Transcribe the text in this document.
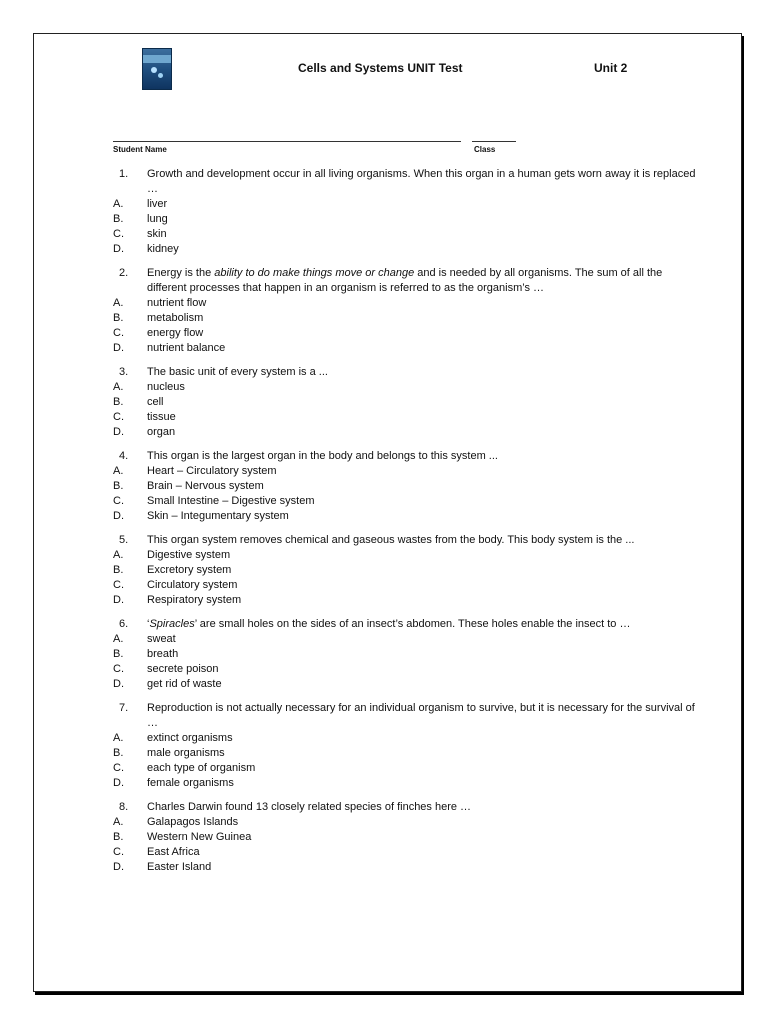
Cells and Systems UNIT Test	Unit 2
Student Name	Class
1.	Growth and development occur in all living organisms. When this organ in a human gets worn away it is replaced …
A.	liver
B.	lung
C.	skin
D.	kidney
2.	Energy is the ability to do make things move or change and is needed by all organisms. The sum of all the different processes that happen in an organism is referred to as the organism’s …
A.	nutrient flow
B.	metabolism
C.	energy flow
D.	nutrient balance
3.	The basic unit of every system is a ...
A.	nucleus
B.	cell
C.	tissue
D.	organ
4.	This organ is the largest organ in the body and belongs to this system ...
A.	Heart – Circulatory system
B.	Brain – Nervous system
C.	Small Intestine – Digestive system
D.	Skin – Integumentary system
5.	This organ system removes chemical and gaseous wastes from the body. This body system is the ...
A.	Digestive system
B.	Excretory system
C.	Circulatory system
D.	Respiratory system
6.	‘Spiracles’ are small holes on the sides of an insect’s abdomen. These holes enable the insect to …
A.	sweat
B.	breath
C.	secrete poison
D.	get rid of waste
7.	Reproduction is not actually necessary for an individual organism to survive, but it is necessary for the survival of …
A.	extinct organisms
B.	male organisms
C.	each type of organism
D.	female organisms
8.	Charles Darwin found 13 closely related species of finches here …
A.	Galapagos Islands
B.	Western New Guinea
C.	East Africa
D.	Easter Island
